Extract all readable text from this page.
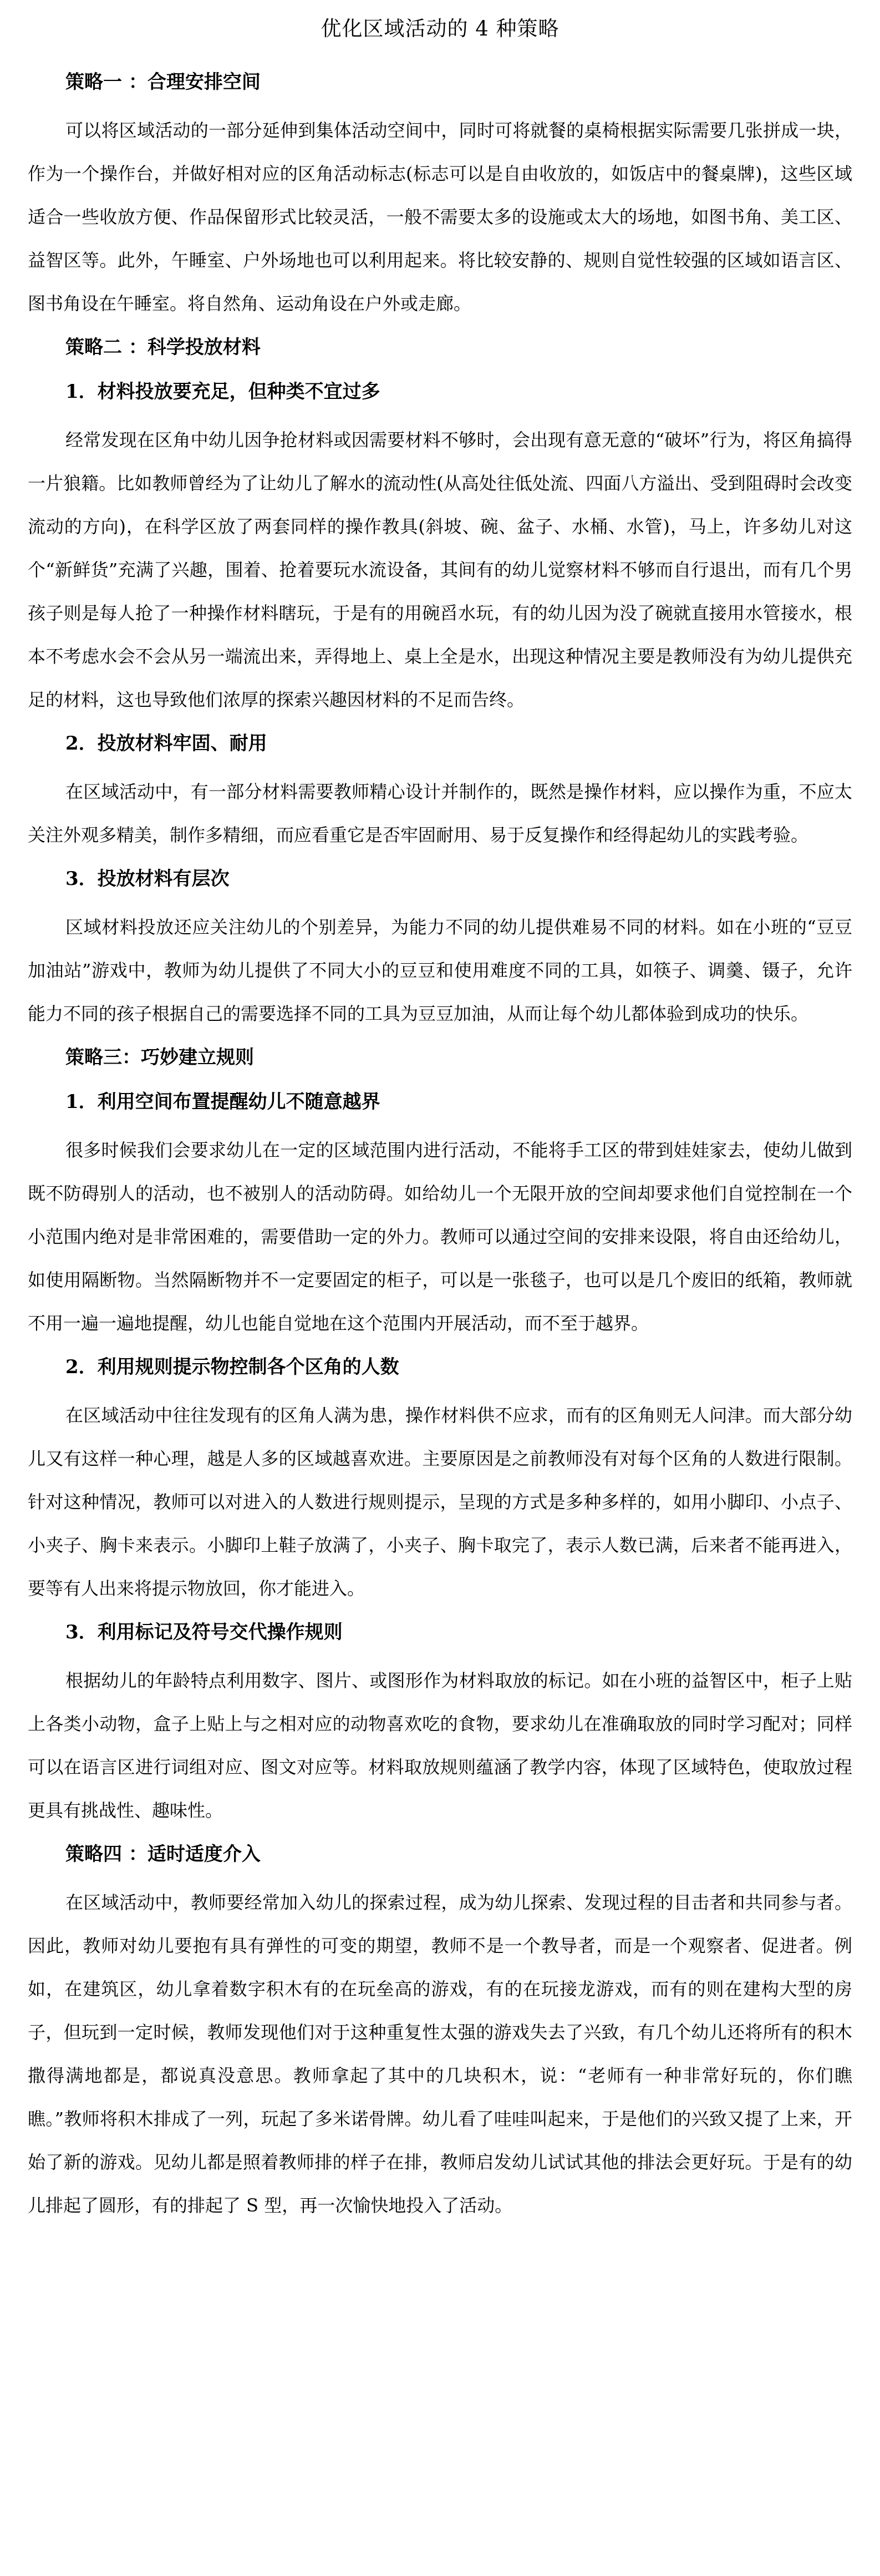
优化区域活动的 4 种策略
策略一 ：合理安排空间
可以将区域活动的一部分延伸到集体活动空间中，同时可将就餐的桌椅根据实际需要几张拼成一块，作为一个操作台，并做好相对应的区角活动标志(标志可以是自由收放的，如饭店中的餐桌牌)，这些区域适合一些收放方便、作品保留形式比较灵活，一般不需要太多的设施或太大的场地，如图书角、美工区、益智区等。此外，午睡室、户外场地也可以利用起来。将比较安静的、规则自觉性较强的区域如语言区、图书角设在午睡室。将自然角、运动角设在户外或走廊。
策略二 ：科学投放材料
1．材料投放要充足，但种类不宜过多
经常发现在区角中幼儿因争抢材料或因需要材料不够时，会出现有意无意的“破坏”行为，将区角搞得一片狼籍。比如教师曾经为了让幼儿了解水的流动性(从高处往低处流、四面八方溢出、受到阻碍时会改变流动的方向)，在科学区放了两套同样的操作教具(斜坡、碗、盆子、水桶、水管)，马上，许多幼儿对这个“新鲜货”充满了兴趣，围着、抢着要玩水流设备，其间有的幼儿觉察材料不够而自行退出，而有几个男孩子则是每人抢了一种操作材料瞎玩，于是有的用碗舀水玩，有的幼儿因为没了碗就直接用水管接水，根本不考虑水会不会从另一端流出来，弄得地上、桌上全是水，出现这种情况主要是教师没有为幼儿提供充足的材料，这也导致他们浓厚的探索兴趣因材料的不足而告终。
2．投放材料牢固、耐用
在区域活动中，有一部分材料需要教师精心设计并制作的，既然是操作材料，应以操作为重，不应太关注外观多精美，制作多精细，而应看重它是否牢固耐用、易于反复操作和经得起幼儿的实践考验。
3．投放材料有层次
区域材料投放还应关注幼儿的个别差异，为能力不同的幼儿提供难易不同的材料。如在小班的“豆豆加油站”游戏中，教师为幼儿提供了不同大小的豆豆和使用难度不同的工具，如筷子、调羹、镊子，允许能力不同的孩子根据自己的需要选择不同的工具为豆豆加油，从而让每个幼儿都体验到成功的快乐。
策略三：巧妙建立规则
1．利用空间布置提醒幼儿不随意越界
很多时候我们会要求幼儿在一定的区域范围内进行活动，不能将手工区的带到娃娃家去，使幼儿做到既不防碍别人的活动，也不被别人的活动防碍。如给幼儿一个无限开放的空间却要求他们自觉控制在一个小范围内绝对是非常困难的，需要借助一定的外力。教师可以通过空间的安排来设限，将自由还给幼儿，如使用隔断物。当然隔断物并不一定要固定的柜子，可以是一张毯子，也可以是几个废旧的纸箱，教师就不用一遍一遍地提醒，幼儿也能自觉地在这个范围内开展活动，而不至于越界。
2．利用规则提示物控制各个区角的人数
在区域活动中往往发现有的区角人满为患，操作材料供不应求，而有的区角则无人问津。而大部分幼儿又有这样一种心理，越是人多的区域越喜欢进。主要原因是之前教师没有对每个区角的人数进行限制。针对这种情况，教师可以对进入的人数进行规则提示，呈现的方式是多种多样的，如用小脚印、小点子、小夹子、胸卡来表示。小脚印上鞋子放满了，小夹子、胸卡取完了，表示人数已满，后来者不能再进入，要等有人出来将提示物放回，你才能进入。
3．利用标记及符号交代操作规则
根据幼儿的年龄特点利用数字、图片、或图形作为材料取放的标记。如在小班的益智区中，柜子上贴上各类小动物，盒子上贴上与之相对应的动物喜欢吃的食物，要求幼儿在准确取放的同时学习配对；同样可以在语言区进行词组对应、图文对应等。材料取放规则蕴涵了教学内容，体现了区域特色，使取放过程更具有挑战性、趣味性。
策略四 ：适时适度介入
在区域活动中，教师要经常加入幼儿的探索过程，成为幼儿探索、发现过程的目击者和共同参与者。因此，教师对幼儿要抱有具有弹性的可变的期望，教师不是一个教导者，而是一个观察者、促进者。例如，在建筑区，幼儿拿着数字积木有的在玩垒高的游戏，有的在玩接龙游戏，而有的则在建构大型的房子，但玩到一定时候，教师发现他们对于这种重复性太强的游戏失去了兴致，有几个幼儿还将所有的积木撒得满地都是，都说真没意思。教师拿起了其中的几块积木，说：“老师有一种非常好玩的，你们瞧瞧。”教师将积木排成了一列，玩起了多米诺骨牌。幼儿看了哇哇叫起来，于是他们的兴致又提了上来，开始了新的游戏。见幼儿都是照着教师排的样子在排，教师启发幼儿试试其他的排法会更好玩。于是有的幼儿排起了圆形，有的排起了 S 型，再一次愉快地投入了活动。
